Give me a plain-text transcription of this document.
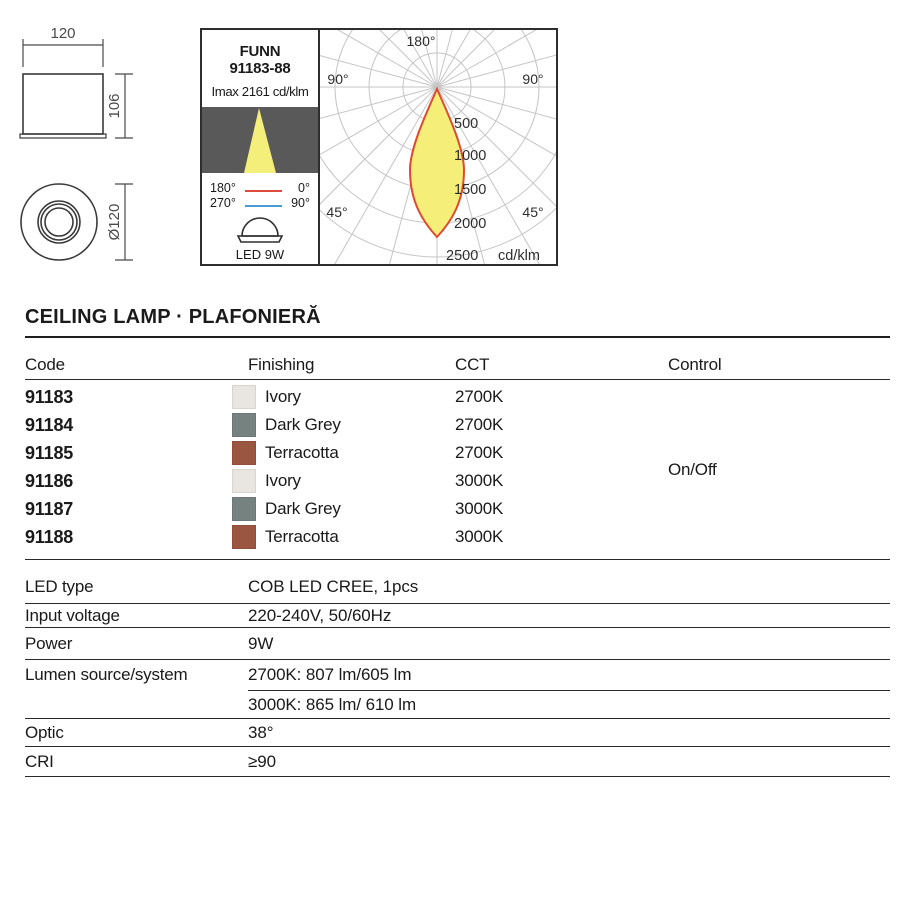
120
106
Ø120
FUNN
91183-88
Imax 2161 cd/klm
180°	0°
270°	90°
LED 9W
180°
90°	90°
45°	45°
500
1000
1500
2000
2500 cd/klm
CEILING LAMP · PLAFONIERĂ
Code	Finishing	CCT	Control
91183	Ivory	2700K
91184	Dark Grey	2700K
91185	Terracotta	2700K
91186	Ivory	3000K
91187	Dark Grey	3000K
91188	Terracotta	3000K
On/Off
LED type	COB LED CREE, 1pcs
Input voltage	220-240V, 50/60Hz
Power	9W
Lumen source/system	2700K: 807 lm/605 lm
3000K: 865 lm/ 610 lm
Optic	38°
CRI	≥90
